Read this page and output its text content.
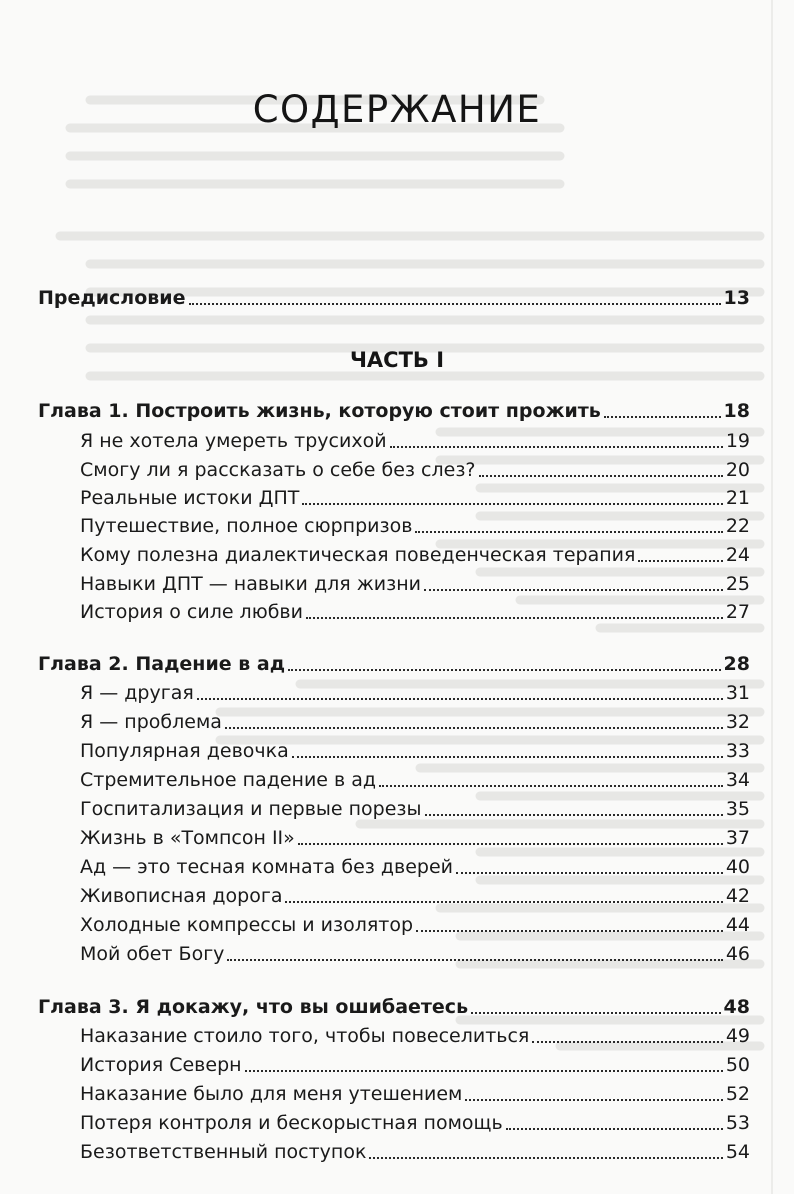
СОДЕРЖАНИЕ
ЧАСТЬ I
Предисловие	13
Глава 1. Построить жизнь, которую стоит прожить	18
Я не хотела умереть трусихой	19
Смогу ли я рассказать о себе без слез?	20
Реальные истоки ДПТ	21
Путешествие, полное сюрпризов	22
Кому полезна диалектическая поведенческая терапия	24
Навыки ДПТ — навыки для жизни	25
История о силе любви	27
Глава 2. Падение в ад	28
Я — другая	31
Я — проблема	32
Популярная девочка	33
Стремительное падение в ад	34
Госпитализация и первые порезы	35
Жизнь в «Томпсон II»	37
Ад — это тесная комната без дверей	40
Живописная дорога	42
Холодные компрессы и изолятор	44
Мой обет Богу	46
Глава 3. Я докажу, что вы ошибаетесь	48
Наказание стоило того, чтобы повеселиться	49
История Северн	50
Наказание было для меня утешением	52
Потеря контроля и бескорыстная помощь	53
Безответственный поступок	54
